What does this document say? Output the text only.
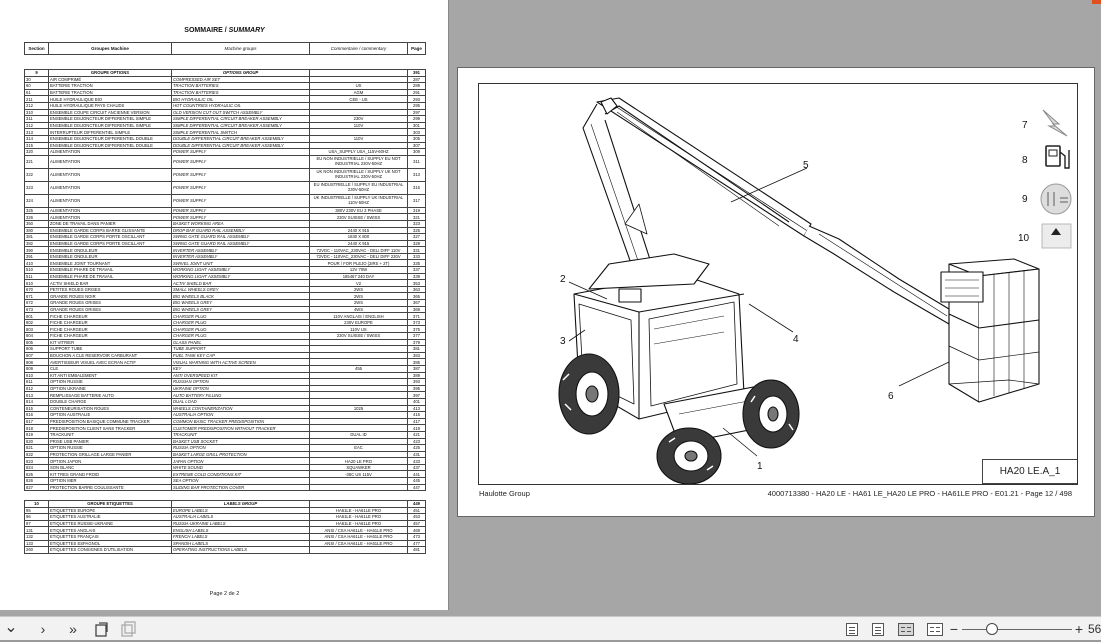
SOMMAIRE / SUMMARY
Section	Groupes Machine	Machine groups	Commentaire / commentary	Page
9	GROUPE OPTIONS	OPTIONS GROUP		391
30	AIR COMPRIMÉ	COMPRESSED AIR SET		287
60	BATTERIE TRACTION	TRACTION BATTERIES	US	289
61	BATTERIE TRACTION	TRACTION BATTERIES	AGM	291
211	HUILE HYDRAULIQUE BIO	BIO HYDRAULIC OIL	CEE - US	293
212	HUILE HYDRAULIQUE PAYS CHAUDS	HOT COUNTRIES HYDRAULIC OIL		295
310	ENSEMBLE COUPE CIRCUIT ANCIENNE VERSION	OLD VERSION CUT OUT SWITCH ASSEMBLY		297
311	ENSEMBLE DISJONCTEUR DIFFERENTIEL SIMPLE	SIMPLE DIFFERENTIAL CIRCUIT BREAKER ASSEMBLY	230V	299
312	ENSEMBLE DISJONCTEUR DIFFERENTIEL SIMPLE	SIMPLE DIFFERENTIAL CIRCUIT BREAKER ASSEMBLY	110V	301
313	INTERRUPTEUR DIFFERENTIEL SIMPLE	SIMPLE DIFFERENTIAL SWITCH		303
314	ENSEMBLE DISJONCTEUR DIFFERENTIEL DOUBLE	DOUBLE DIFFERENTIAL CIRCUIT BREAKER ASSEMBLY	110V	305
315	ENSEMBLE DISJONCTEUR DIFFERENTIEL DOUBLE	DOUBLE DIFFERENTIAL CIRCUIT BREAKER ASSEMBLY		307
320	ALIMENTATION	POWER SUPPLY	USA_SUPPLY USA_115V-60HZ	309
321	ALIMENTATION	POWER SUPPLY	EU NON INDUSTRIELLE / SUPPLY EU NOT INDUSTRIAL 230V-50HZ	311
322	ALIMENTATION	POWER SUPPLY	UK NON INDUSTRIELLE / SUPPLY UK NOT INDUSTRIAL 230V-50HZ	313
323	ALIMENTATION	POWER SUPPLY	EU INDUSTRIELLE / SUPPLY EU INDUSTRIAL 230V-50HZ	315
324	ALIMENTATION	POWER SUPPLY	UK INDUSTRIELLE / SUPPLY UK INDUSTRIAL 110V-50HZ	317
325	ALIMENTATION	POWER SUPPLY	380V 230V EU 3 PHASE	319
326	ALIMENTATION	POWER SUPPLY	230V SUISSE / SWISS	321
350	ZONE DE TRAVAIL DANS PANIER	BASKET WORKING AREA		323
380	ENSEMBLE GARDE CORPS BARRE GLISSANTE	DROP BAR GUARD RAIL ASSEMBLY	2440 X 915	325
381	ENSEMBLE GARDE CORPS PORTE OSCILLANT	SWING GATE GUARD RAIL ASSEMBLY	1830 X 800	327
382	ENSEMBLE GARDE CORPS PORTE OSCILLANT	SWING GATE GUARD RAIL ASSEMBLY	2440 X 915	329
390	ENSEMBLE ONDULEUR	INVERTER ASSEMBLY	72VDC - 110VAC_230VAC - DELI DIFF 110V	331
391	ENSEMBLE ONDULEUR	INVERTER ASSEMBLY	72VDC - 110VAC_230VAC - DELI DIFF 230V	333
410	ENSEMBLE JOINT TOURNANT	SWIVEL JOINT UNIT	POUR / FOR PLEJO (2IRS + 2T)	335
510	ENSEMBLE PHARE DE TRAVAIL	WORKING LIGHT ASSEMBLY	12V 70W	337
511	ENSEMBLE PHARE DE TRAVAIL	WORKING LIGHT ASSEMBLY	185467 240 DAY	339
610	ACTIV SHIELD BAR	ACTIV SHIELD BAR	V2	353
670	PETITES ROUES GRISES	SMALL WHEELS GREY	2WS	363
671	GRANDE ROUES NOIR	BIG WHEELS BLACK	2WS	365
672	GRANDE ROUES GRISES	BIG WHEELS GREY	2WS	367
673	GRANDE ROUES GRISES	BIG WHEELS GREY	4WS	369
801	FICHE CHARGEUR	CHARGER PLUG	110V ANGLAIS / ENGLISH	371
802	FICHE CHARGEUR	CHARGER PLUG	230V EUROPE	373
803	FICHE CHARGEUR	CHARGER PLUG	110V US	375
804	FICHE CHARGEUR	CHARGER PLUG	230V SUISSE / SWISS	377
805	KIT VITRIER	GLASS PANEL		379
806	SUPPORT TUBE	TUBE SUPPORT		381
807	BOUCHON A CLE RESERVOIR CARBURANT	FUEL TANK KEY CAP		383
808	AVERTISSEUR VISUEL AVEC ECRAN ACTIF	VISUAL WARNING WITH ACTIVE SCREEN		385
809	CLE	KEY	455	387
810	KIT ANTI EMBALEMENT	ANTI OVERSPEED KIT		389
811	OPTION RUSSIE	RUSSIAN OPTION		393
812	OPTION UKRAINE	UKRAINE OPTION		395
813	REMPLISSAGE BATTERIE AUTO	AUTO BATTERY FILLING		397
814	DOUBLE CHARGE	DUAL LOAD		401
815	CONTENEURISATION ROUES	WHEELS CONTAINERIZATION	1025	413
816	OPTION AUSTRALIE	AUSTRALIA OPTION		415
817	PREDISPOSITION BASIQUE COMMUNE TRACKER	COMMON BASIC TRACKER PREDISPOSITION		417
818	PREDISPOSITION CLIENT SANS TRACKER	CUSTOMER PREDISPOSITION WITHOUT TRACKER		419
819	TRACKUNIT	TRACKUNIT	DUAL ID	421
820	PRISE USB PANIER	BASKET USB SOCKET		423
821	OPTION RUSSIE	RUSSIA OPTION	EAC	425
822	PROTECTION GRILLAGE LARGE PANIER	BASKET LARGE GRILL PROTECTION		431
823	OPTION JAPON	JAPAN OPTION	HA20 LE PRO	433
824	SON BLANC	WHITE SOUND	SQUAWKER	437
825	KIT TRES GRAND FROID	EXTREME COLD CONDITIONS KIT	-35C US 115V	441
826	OPTION MER	SEA OPTION		445
827	PROTECTION BARRE COULISSANTE	SLIDING BAR PROTECTION COVER		447
10	GROUPE ETIQUETTES	LABELS GROUP		449
95	ETIQUETTES EUROPE	EUROPE LABELS	HA61LE - HA61LE PRO	451
96	ETIQUETTES AUSTRALIE	AUSTRALIA LABELS	HA61LE - HA61LE PRO	453
97	ETIQUETTES RUSSIE-UKRAINE	RUSSIA-UKRAINE LABELS	HA61LE - HA61LE PRO	457
131	ETIQUETTES ANGLAIS	ENGLISH LABELS	ANSI / CSA HA61LE - HA61LE PRO	469
132	ETIQUETTES FRANÇAIS	FRENCH LABELS	ANSI / CSA HA61LE - HA61LE PRO	473
133	ETIQUETTES ESPAGNOL	SPANISH LABELS	ANSI / CSA HA61LE - HA61LE PRO	477
260	ETIQUETTES CONSIGNES D'UTILISATION	OPERATING INSTRUCTIONS LABELS		481
Page 2 de 2
1
2
3	4
5
6
7
8
9
10
HA20 LE.A_1
Haulotte Group	4000713380 - HA20 LE - HA61 LE_HA20 LE PRO - HA61LE PRO - E01.21 - Page 12 / 498
⌄	›	»	−	+ 56
